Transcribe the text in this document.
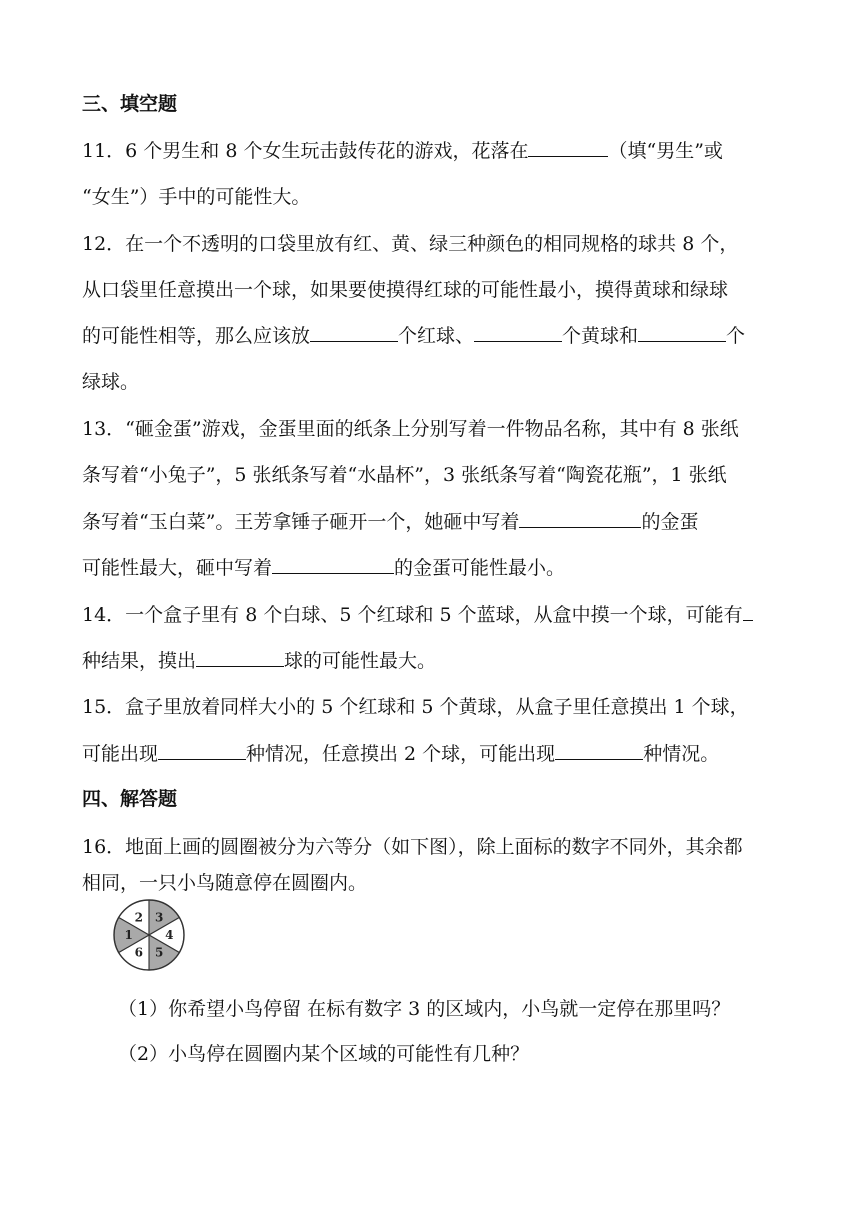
三、填空题
11．6 个男生和 8 个女生玩击鼓传花的游戏，花落在	（填“男生”或
“女生”）手中的可能性大。
12．在一个不透明的口袋里放有红、黄、绿三种颜色的相同规格的球共 8 个，
从口袋里任意摸出一个球，如果要使摸得红球的可能性最小，摸得黄球和绿球
的可能性相等，那么应该放	个红球、	个黄球和	个
绿球。
13．“砸金蛋”游戏，金蛋里面的纸条上分别写着一件物品名称，其中有 8 张纸
条写着“小兔子”，5 张纸条写着“水晶杯”，3 张纸条写着“陶瓷花瓶”，1 张纸
条写着“玉白菜”。王芳拿锤子砸开一个，她砸中写着	的金蛋
可能性最大，砸中写着	的金蛋可能性最小。
14．一个盒子里有 8 个白球、5 个红球和 5 个蓝球，从盒中摸一个球，可能有
种结果，摸出	球的可能性最大。
15．盒子里放着同样大小的 5 个红球和 5 个黄球，从盒子里任意摸出 1 个球，
可能出现	种情况，任意摸出 2 个球，可能出现	种情况。
四、解答题
16．地面上画的圆圈被分为六等分（如下图），除上面标的数字不同外，其余都
相同，一只小鸟随意停在圆圈内。
2 3
4
5
6
1
（1）你希望小鸟停留 在标有数字 3 的区域内，小鸟就一定停在那里吗？
（2）小鸟停在圆圈内某个区域的可能性有几种？
